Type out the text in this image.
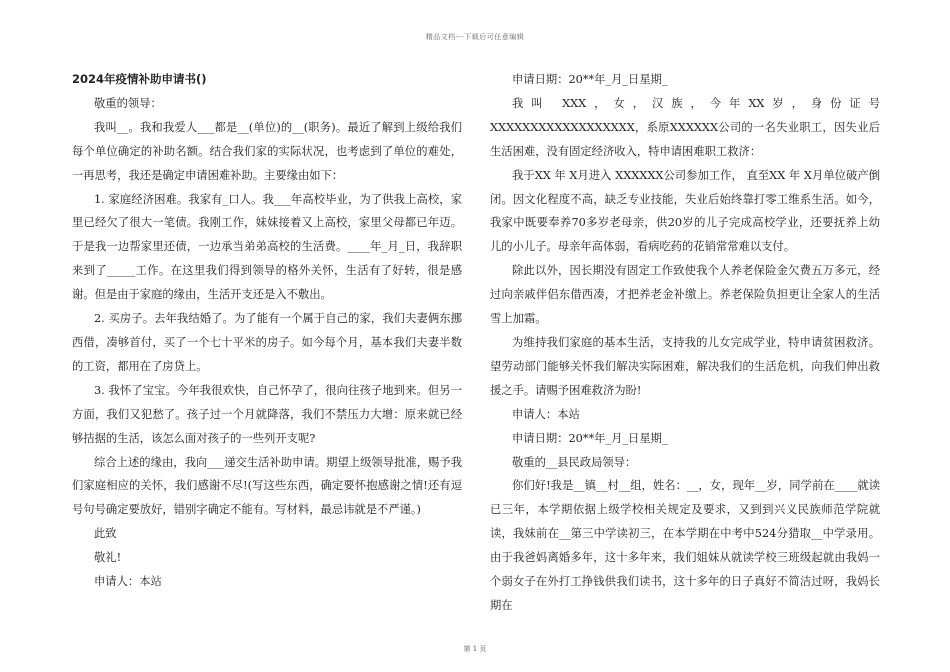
精品文档---下载后可任意编辑

2024年疫情补助申请书()

敬重的领导：

我叫__。我和我爱人___都是__(单位)的__(职务)。最近了解到上级给我们每个单位确定的补助名额。结合我们家的实际状况，也考虑到了单位的难处，一再思考，我还是确定申请困难补助。主要缘由如下：

1. 家庭经济困难。我家有_口人。我___年高校毕业，为了供我上高校，家里已经欠了很大一笔债。我刚工作，妹妹接着又上高校，家里父母都已年迈。于是我一边帮家里还债，一边承当弟弟高校的生活费。____年_月_日，我辞职来到了_____工作。在这里我们得到领导的格外关怀，生活有了好转，很是感谢。但是由于家庭的缘由，生活开支还是入不敷出。

2. 买房子。去年我结婚了。为了能有一个属于自己的家，我们夫妻俩东挪西借，凑够首付，买了一个七十平米的房子。如今每个月，基本我们夫妻半数的工资，都用在了房贷上。

3. 我怀了宝宝。今年我很欢快，自己怀孕了，很向往孩子地到来。但另一方面，我们又犯愁了。孩子过一个月就降落，我们不禁压力大增：原来就已经够拮据的生活，该怎么面对孩子的一些列开支呢?

综合上述的缘由，我向___递交生活补助申请。期望上级领导批准，赐予我们家庭相应的关怀，我们感谢不尽!(写这些东西，确定要怀抱感谢之情!还有逗号句号确定要放好，错别字确定不能有。写材料，最忌讳就是不严谨。)

此致

敬礼!

申请人：本站

申请日期：20**年_月_日星期_

我叫 XXX，女，汉族，今年XX岁，身份证号XXXXXXXXXXXXXXXXXX，系原XXXXXX公司的一名失业职工，因失业后生活困难，没有固定经济收入，特申请困难职工救济：

我于XX 年 X月进入 XXXXXX公司参加工作， 直至XX 年 X月单位破产倒闭。因文化程度不高，缺乏专业技能，失业后始终靠打零工维系生活。如今，我家中既要奉养70多岁老母亲，供20岁的儿子完成高校学业，还要抚养上幼儿的小儿子。母亲年高体弱，看病吃药的花销常常难以支付。

除此以外，因长期没有固定工作致使我个人养老保险金欠费五万多元，经过向亲戚伴侣东借西凑，才把养老金补缴上。养老保险负担更让全家人的生活雪上加霜。

为维持我们家庭的基本生活，支持我的儿女完成学业，特申请贫困救济。望劳动部门能够关怀我们解决实际困难，解决我们的生活危机，向我们伸出救援之手。请赐予困难救济为盼!

申请人：本站

申请日期：20**年_月_日星期_

敬重的__县民政局领导：

你们好!我是__镇__村__组，姓名：__，女，现年__岁，同学前在____就读已三年，本学期依据上级学校相关规定及要求，又到到兴义民族师范学院就读，我妹前在__第三中学读初三，在本学期在中考中524分猎取__中学录用。由于我爸妈离婚多年，这十多年来，我们姐妹从就读学校三班级起就由我妈一个弱女子在外打工挣钱供我们读书，这十多年的日子真好不简洁过呀，我妈长期在

第 1 页
